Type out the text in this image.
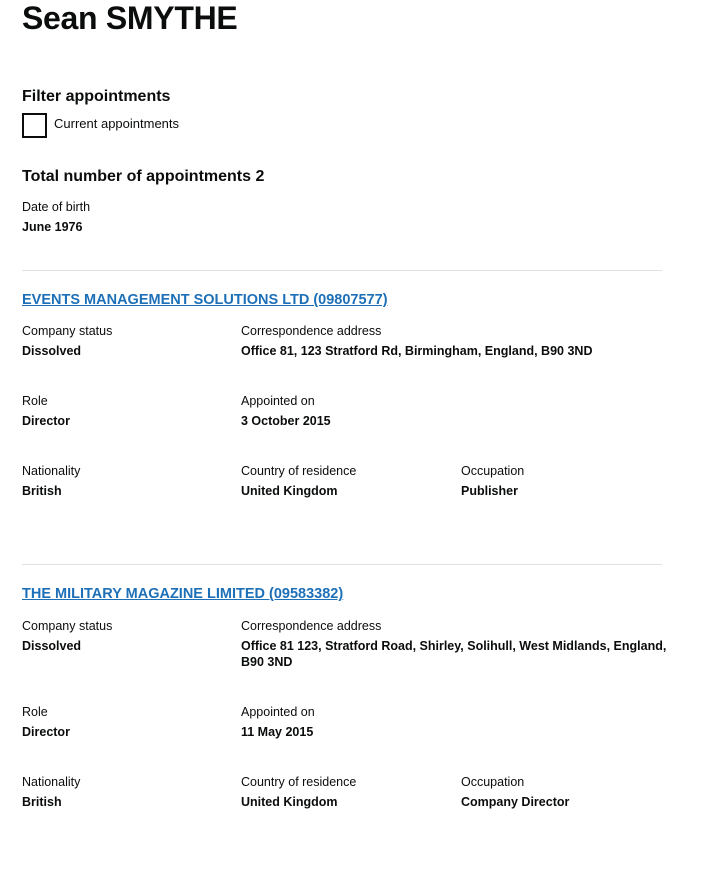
Sean SMYTHE
Filter appointments
Current appointments
Total number of appointments 2
Date of birth
June 1976
EVENTS MANAGEMENT SOLUTIONS LTD (09807577)
Company status
Dissolved
Correspondence address
Office 81, 123 Stratford Rd, Birmingham, England, B90 3ND
Role
Director
Appointed on
3 October 2015
Nationality
British
Country of residence
United Kingdom
Occupation
Publisher
THE MILITARY MAGAZINE LIMITED (09583382)
Company status
Dissolved
Correspondence address
Office 81 123, Stratford Road, Shirley, Solihull, West Midlands, England, B90 3ND
Role
Director
Appointed on
11 May 2015
Nationality
British
Country of residence
United Kingdom
Occupation
Company Director
